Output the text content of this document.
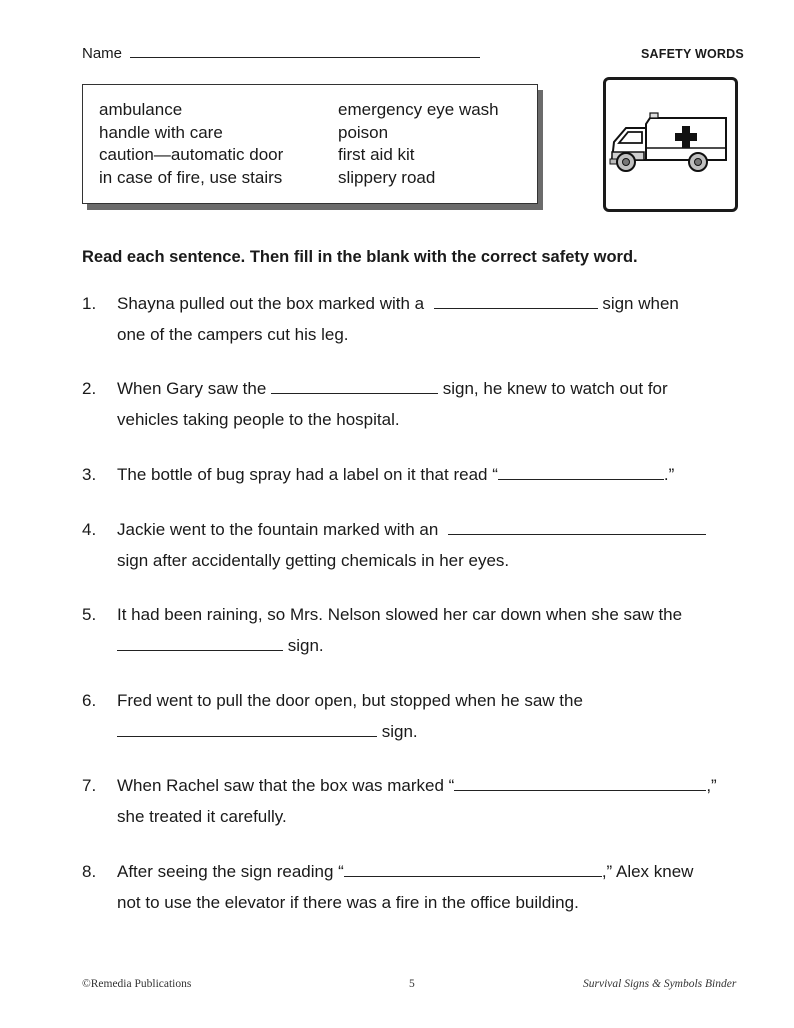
Name	SAFETY WORDS
ambulance
handle with care
caution—automatic door
in case of fire, use stairs
emergency eye wash
poison
first aid kit
slippery road
Read each sentence. Then fill in the blank with the correct safety word.
1. Shayna pulled out the box marked with a	sign when
one of the campers cut his leg.
2. When Gary saw the	sign, he knew to watch out for
vehicles taking people to the hospital.
3. The bottle of bug spray had a label on it that read “	.”
4. Jackie went to the fountain marked with an
sign after accidentally getting chemicals in her eyes.
5. It had been raining, so Mrs. Nelson slowed her car down when she saw the
sign.
6. Fred went to pull the door open, but stopped when he saw the
sign.
7. When Rachel saw that the box was marked “	,”
she treated it carefully.
8. After seeing the sign reading “	,” Alex knew
not to use the elevator if there was a fire in the office building.
©Remedia Publications	5	Survival Signs & Symbols Binder
